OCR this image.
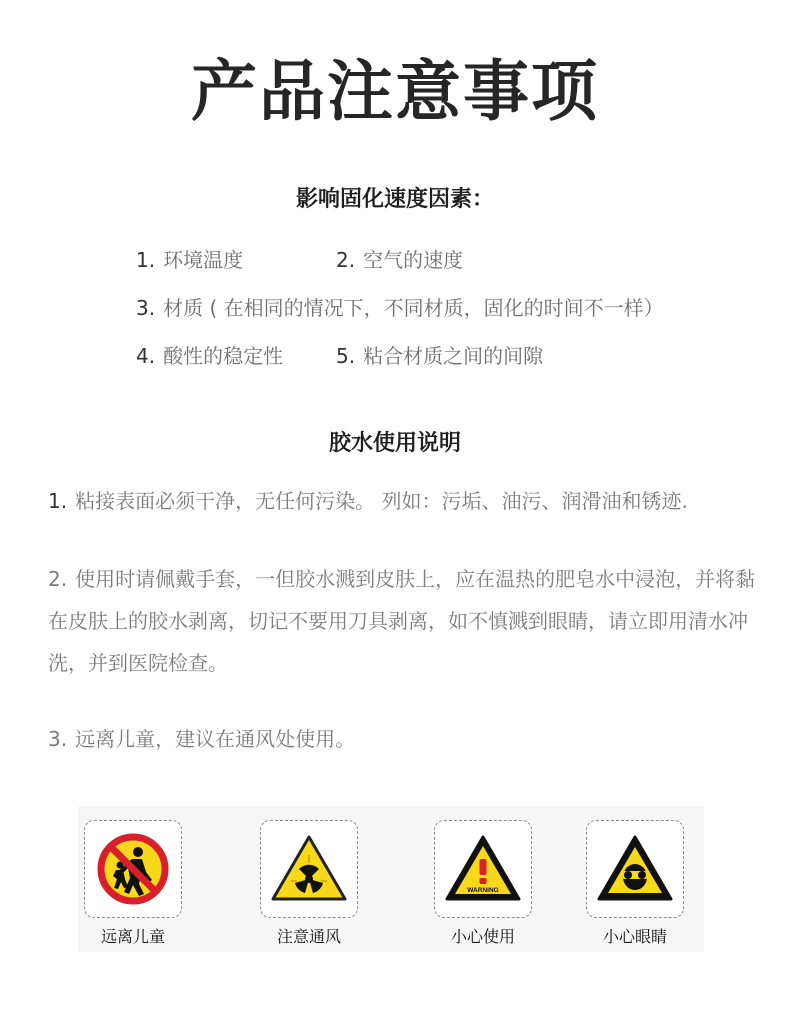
产品注意事项
影响固化速度因素：
1. 环境温度	2. 空气的速度
3. 材质 ( 在相同的情况下，不同材质，固化的时间不一样）
4. 酸性的稳定性	5. 粘合材质之间的间隙
胶水使用说明

1. 粘接表面必须干净，无任何污染。 列如：污垢、油污、润滑油和锈迹.

2. 使用时请佩戴手套，一但胶水溅到皮肤上，应在温热的肥皂水中浸泡，并将黏在皮肤上的胶水剥离，切记不要用刀具剥离，如不慎溅到眼睛，请立即用清水冲洗，并到医院检查。

3. 远离儿童，建议在通风处使用。

远离儿童	注意通风
WARNING
小心使用	小心眼睛
